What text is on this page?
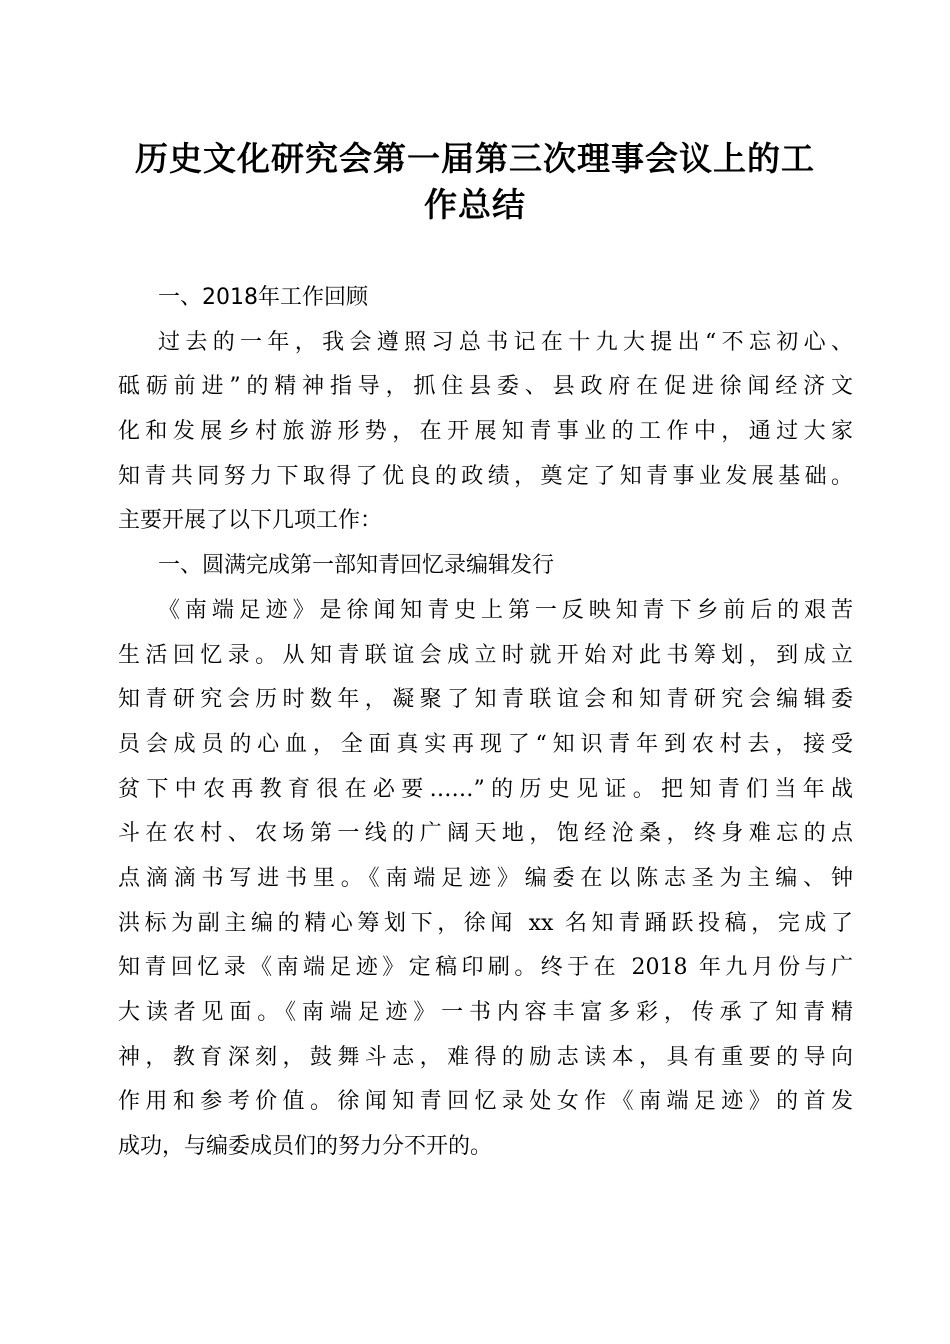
历史文化研究会第一届第三次理事会议上的工
作总结
一、2018年工作回顾
过去的一年，我会遵照习总书记在十九大提出“不忘初心、
砥砺前进”的精神指导，抓住县委、县政府在促进徐闻经济文
化和发展乡村旅游形势，在开展知青事业的工作中，通过大家
知青共同努力下取得了优良的政绩，奠定了知青事业发展基础。
主要开展了以下几项工作：
一、圆满完成第一部知青回忆录编辑发行
《南端足迹》是徐闻知青史上第一反映知青下乡前后的艰苦
生活回忆录。从知青联谊会成立时就开始对此书筹划，到成立
知青研究会历时数年，凝聚了知青联谊会和知青研究会编辑委
员会成员的心血，全面真实再现了“知识青年到农村去，接受
贫下中农再教育很在必要……”的历史见证。把知青们当年战
斗在农村、农场第一线的广阔天地，饱经沧桑，终身难忘的点
点滴滴书写进书里。《南端足迹》编委在以陈志圣为主编、钟
洪标为副主编的精心筹划下，徐闻 xx 名知青踊跃投稿，完成了
知青回忆录《南端足迹》定稿印刷。终于在 2018 年九月份与广
大读者见面。《南端足迹》一书内容丰富多彩，传承了知青精
神，教育深刻，鼓舞斗志，难得的励志读本，具有重要的导向
作用和参考价值。徐闻知青回忆录处女作《南端足迹》的首发
成功，与编委成员们的努力分不开的。
